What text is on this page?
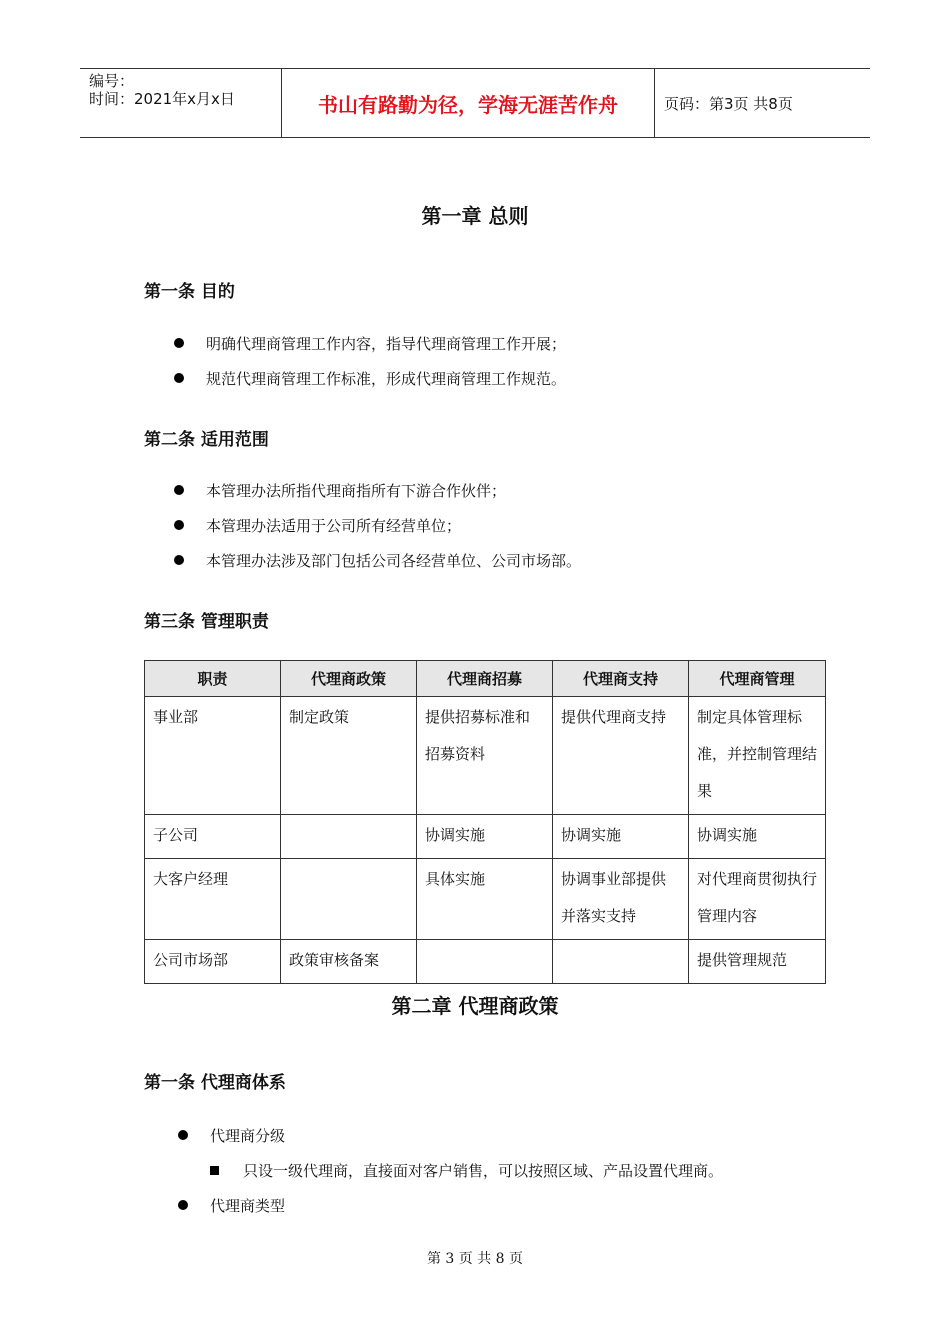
编号：
时间：2021年x月x日	书山有路勤为径，学海无涯苦作舟	页码：第3页 共8页
第一章 总则
第一条 目的
明确代理商管理工作内容，指导代理商管理工作开展；
规范代理商管理工作标准，形成代理商管理工作规范。
第二条 适用范围
本管理办法所指代理商指所有下游合作伙伴；
本管理办法适用于公司所有经营单位；
本管理办法涉及部门包括公司各经营单位、公司市场部。
第三条 管理职责
职责	代理商政策	代理商招募	代理商支持	代理商管理
事业部	制定政策	提供招募标准和招募资料	提供代理商支持	制定具体管理标准，并控制管理结果
子公司		协调实施	协调实施	协调实施
大客户经理		具体实施	协调事业部提供并落实支持	对代理商贯彻执行管理内容
公司市场部	政策审核备案			提供管理规范
第二章 代理商政策
第一条 代理商体系
代理商分级
只设一级代理商，直接面对客户销售，可以按照区域、产品设置代理商。
代理商类型
第 3 页 共 8 页
